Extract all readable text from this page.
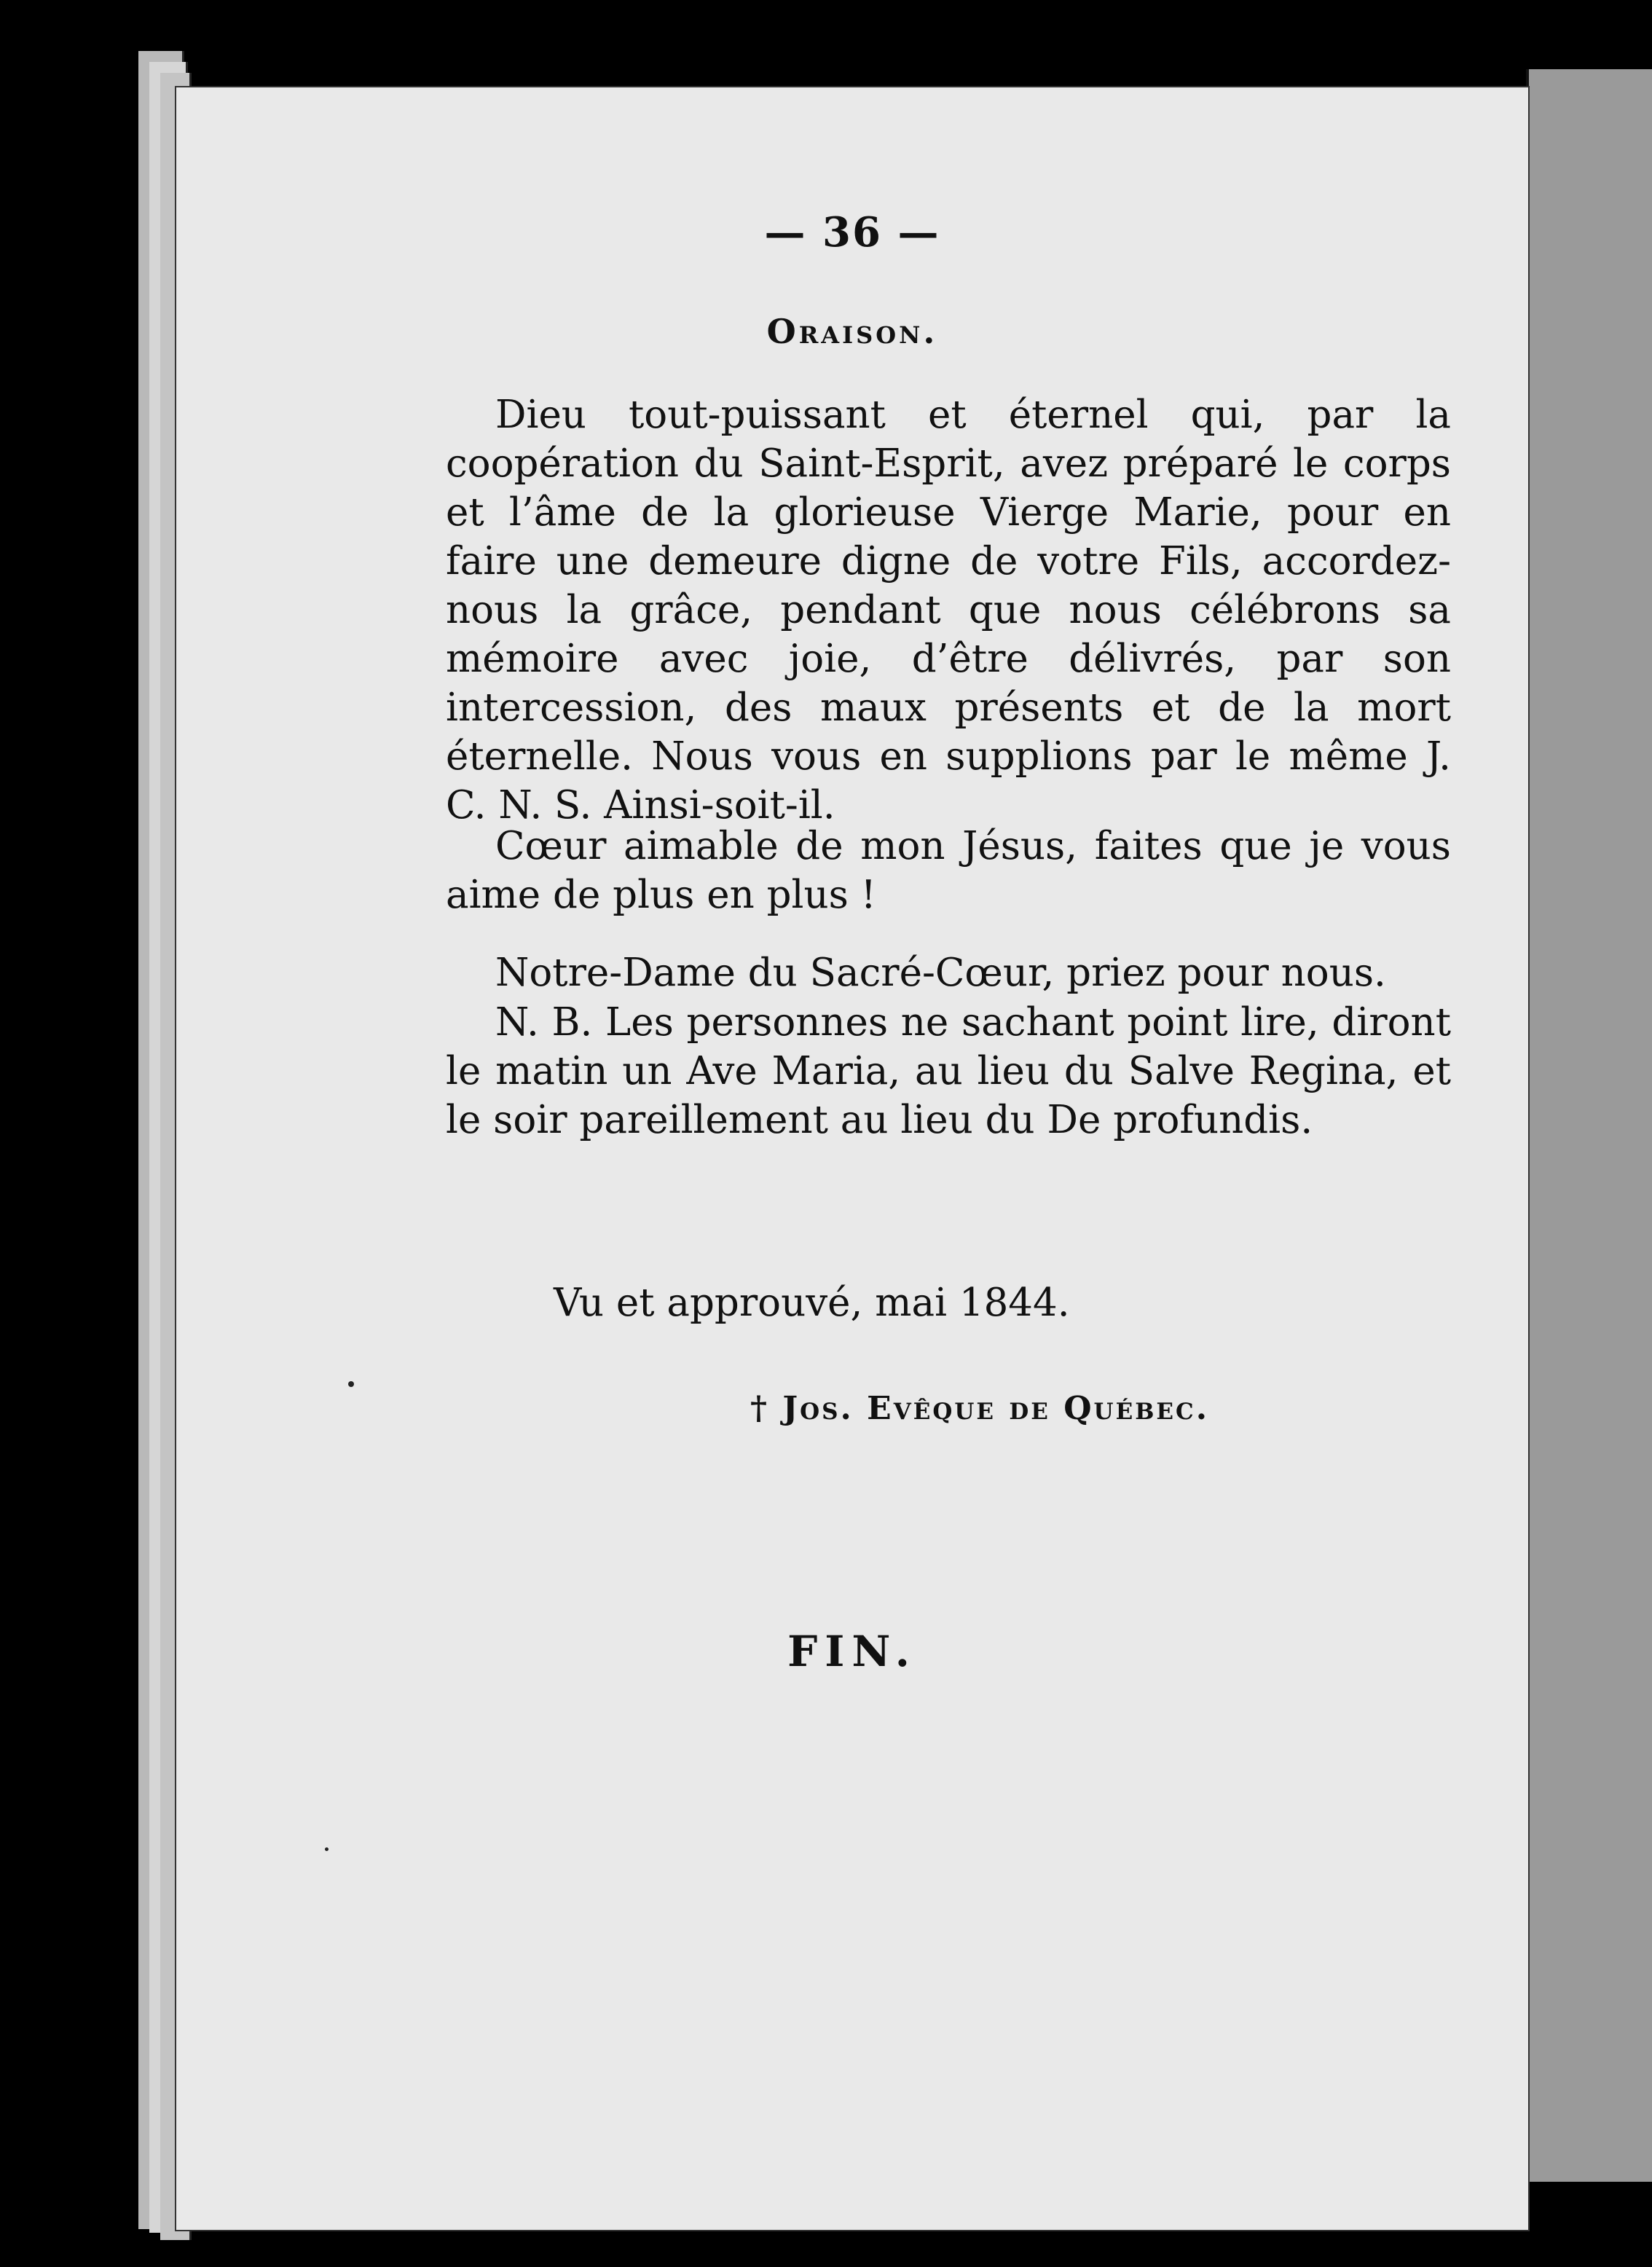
— 36 —
Oraison.

Dieu tout-puissant et éternel qui, par la coopération du Saint-Esprit, avez préparé le corps et l’âme de la glorieuse Vierge Marie, pour en faire une demeure digne de votre Fils, accordez-nous la grâce, pendant que nous célébrons sa mémoire avec joie, d’être délivrés, par son intercession, des maux présents et de la mort éternelle. Nous vous en supplions par le même J. C. N. S. Ainsi-soit-il.

Cœur aimable de mon Jésus, faites que je vous aime de plus en plus !

Notre-Dame du Sacré-Cœur, priez pour nous.

N. B. Les personnes ne sachant point lire, diront le matin un Ave Maria, au lieu du Salve Regina, et le soir pareillement au lieu du De profundis.

Vu et approuvé, mai 1844.
† Jos. Evêque de Québec.
FIN.
